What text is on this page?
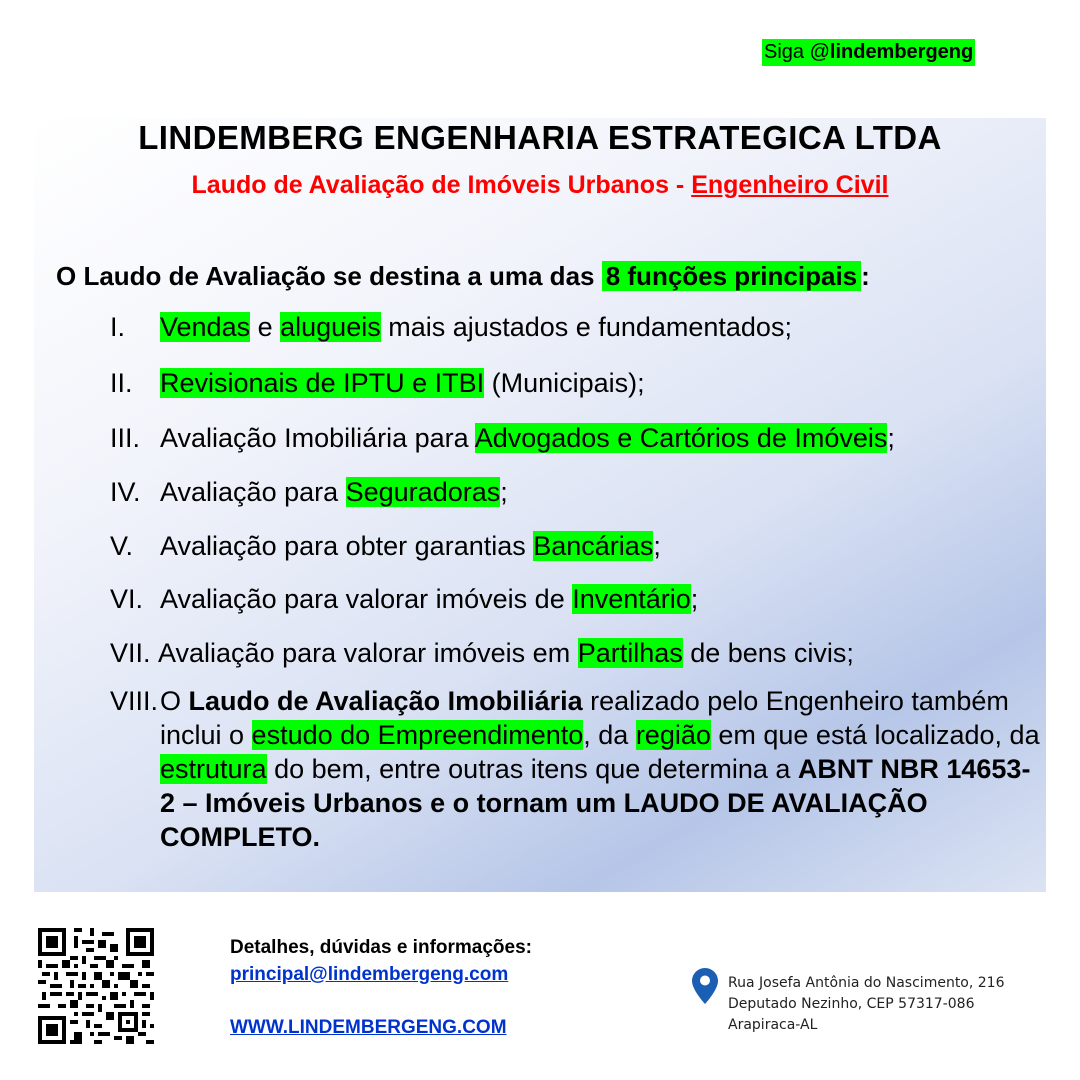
Siga @lindembergeng
LINDEMBERG ENGENHARIA ESTRATEGICA LTDA
Laudo de Avaliação de Imóveis Urbanos - Engenheiro Civil
O Laudo de Avaliação se destina a uma das 8 funções principais :
I. Vendas e alugueis mais ajustados e fundamentados;
II. Revisionais de IPTU e ITBI (Municipais);
III. Avaliação Imobiliária para Advogados e Cartórios de Imóveis;
IV. Avaliação para Seguradoras;
V. Avaliação para obter garantias Bancárias;
VI. Avaliação para valorar imóveis de Inventário;
VII. Avaliação para valorar imóveis em Partilhas de bens civis;
VIII. O Laudo de Avaliação Imobiliária realizado pelo Engenheiro também inclui o estudo do Empreendimento, da região em que está localizado, da estrutura do bem, entre outras itens que determina a ABNT NBR 14653-2 – Imóveis Urbanos e o tornam um LAUDO DE AVALIAÇÃO COMPLETO.
Detalhes, dúvidas e informações:
principal@lindembergeng.com
WWW.LINDEMBERGENG.COM
Rua Josefa Antônia do Nascimento, 216
Deputado Nezinho, CEP 57317-086
Arapiraca-AL
